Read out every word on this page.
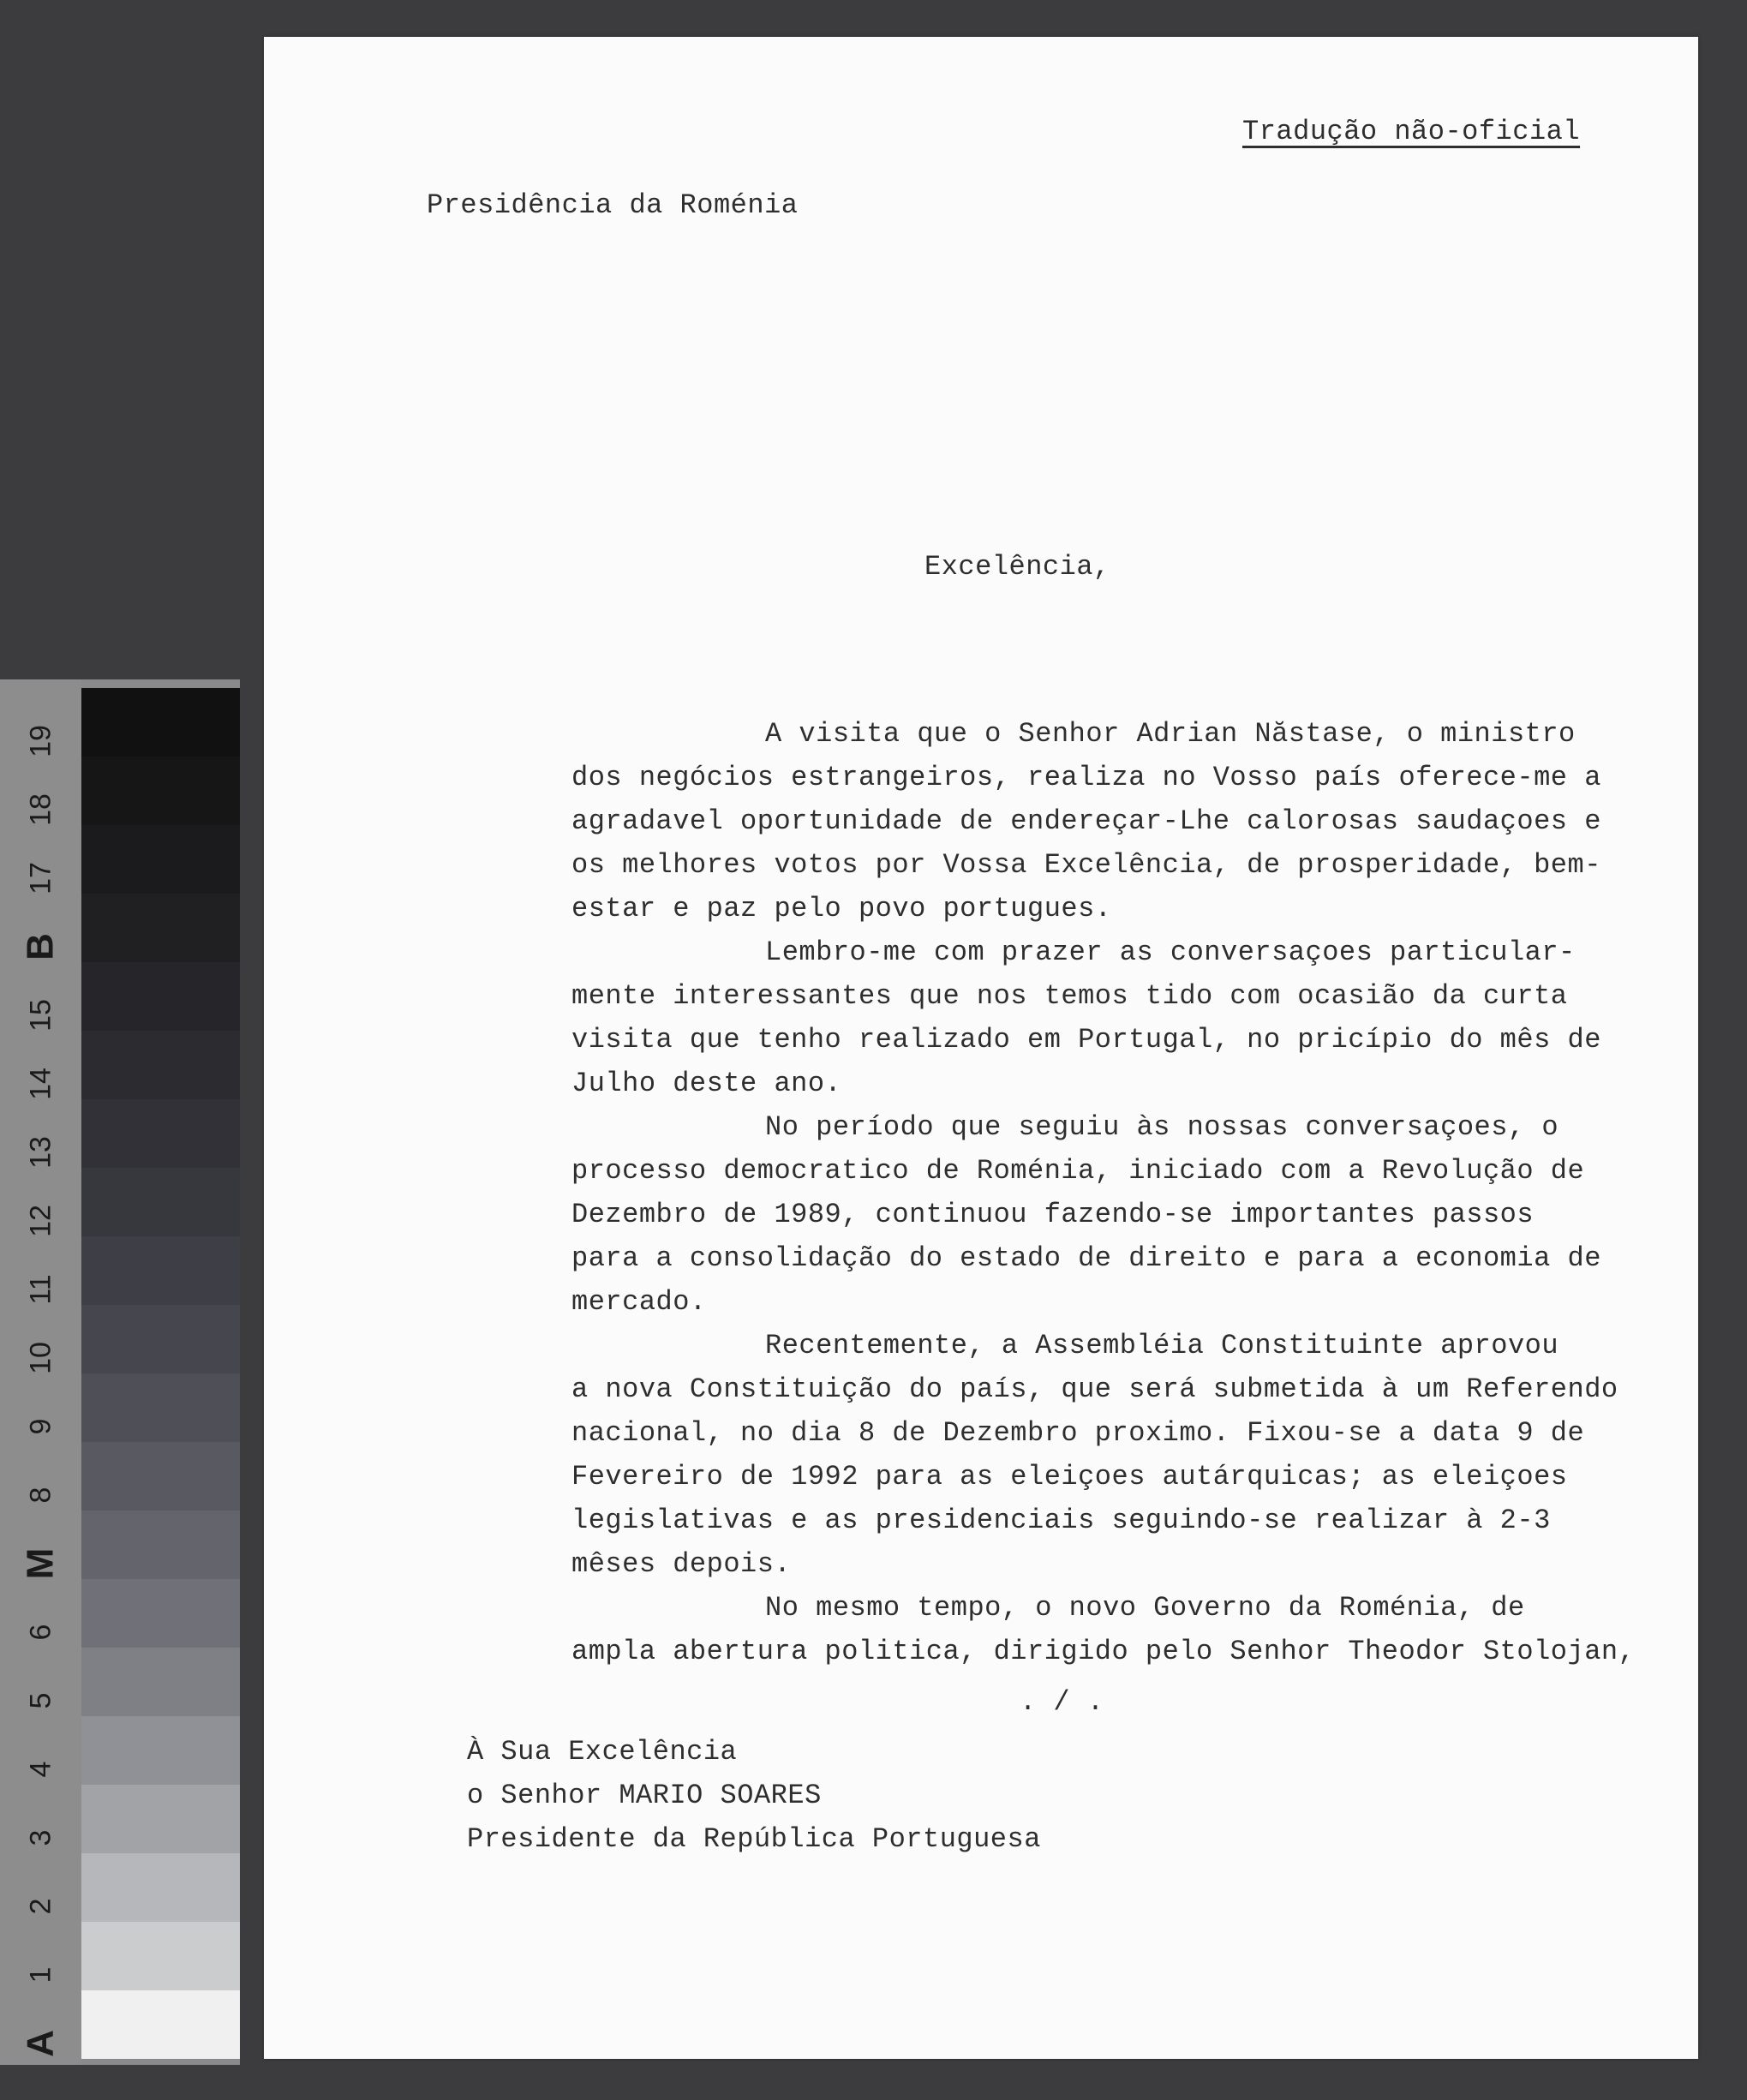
19
18
17
B
15
14
13
12
11
10
9
8
M
6
5
4
3
2
1
A
Tradução não-oficial
Presidência da Roménia
Excelência,
A visita que o Senhor Adrian Năstase, o ministro
dos negócios estrangeiros, realiza no Vosso país oferece-me a
agradavel oportunidade de endereçar-Lhe calorosas saudaçoes e
os melhores votos por Vossa Excelência, de prosperidade, bem-
estar e paz pelo povo portugues.
Lembro-me com prazer as conversaçoes particular-
mente interessantes que nos temos tido com ocasião da curta
visita que tenho realizado em Portugal, no pricípio do mês de
Julho deste ano.
No período que seguiu às nossas conversaçoes, o
processo democratico de Roménia, iniciado com a Revolução de
Dezembro de 1989, continuou fazendo-se importantes passos
para a consolidação do estado de direito e para a economia de
mercado.
Recentemente, a Assembléia Constituinte aprovou
a nova Constituição do país, que será submetida à um Referendo
nacional, no dia 8 de Dezembro proximo. Fixou-se a data 9 de
Fevereiro de 1992 para as eleiçoes autárquicas; as eleiçoes
legislativas e as presidenciais seguindo-se realizar à 2-3
mêses depois.
No mesmo tempo, o novo Governo da Roménia, de
ampla abertura politica, dirigido pelo Senhor Theodor Stolojan,
. / .
À Sua Excelência
o Senhor MARIO SOARES
Presidente da República Portuguesa
